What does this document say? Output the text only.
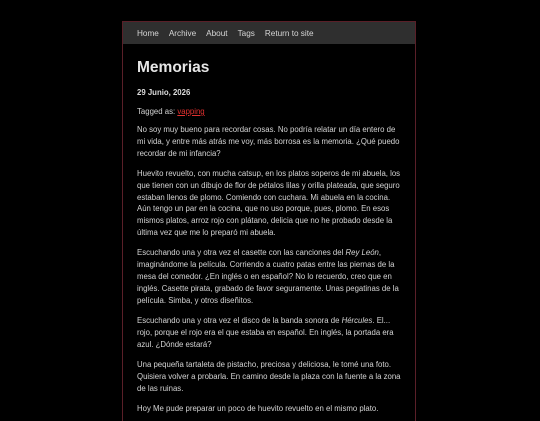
Home Archive About Tags Return to site
Memorias
29 Junio, 2026
Tagged as: vapping

No soy muy bueno para recordar cosas. No podría relatar un día entero de mi vida, y entre más atrás me voy, más borrosa es la memoria. ¿Qué puedo recordar de mi infancia?

Huevito revuelto, con mucha catsup, en los platos soperos de mi abuela, los que tienen con un dibujo de flor de pétalos lilas y orilla plateada, que seguro estaban llenos de plomo. Comiendo con cuchara. Mi abuela en la cocina. Aún tengo un par en la cocina, que no uso porque, pues, plomo. En esos mismos platos, arroz rojo con plátano, delicia que no he probado desde la última vez que me lo preparó mi abuela.

Escuchando una y otra vez el casette con las canciones del Rey León, imaginándome la película. Corriendo a cuatro patas entre las piernas de la mesa del comedor. ¿En inglés o en español? No lo recuerdo, creo que en inglés. Casette pirata, grabado de favor seguramente. Unas pegatinas de la película. Simba, y otros diseñitos.

Escuchando una y otra vez el disco de la banda sonora de Hércules. El... rojo, porque el rojo era el que estaba en español. En inglés, la portada era azul. ¿Dónde estará?

Una pequeña tartaleta de pistacho, preciosa y deliciosa, le tomé una foto. Quisiera volver a probarla. En camino desde la plaza con la fuente a la zona de las ruinas.

Hoy Me pude preparar un poco de huevito revuelto en el mismo plato.
